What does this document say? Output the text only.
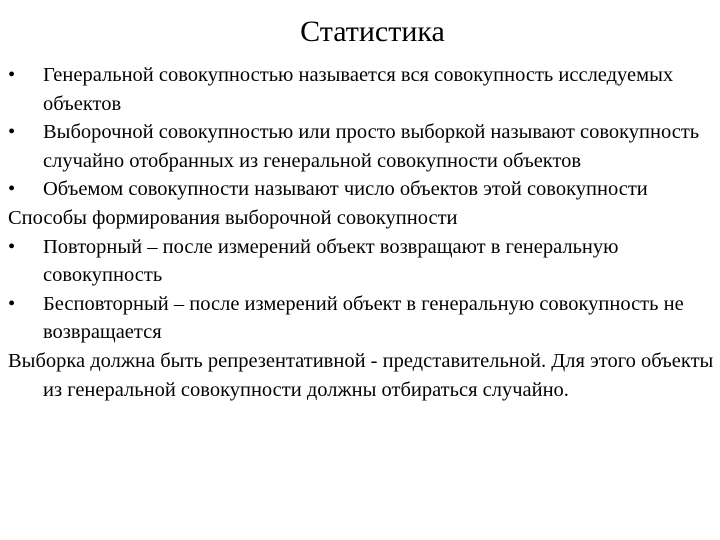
Статистика
• Генеральной совокупностью называется вся совокупность исследуемых объектов
• Выборочной совокупностью или просто выборкой называют совокупность случайно отобранных из генеральной совокупности объектов
• Объемом совокупности называют число объектов этой совокупности
Способы формирования выборочной совокупности
• Повторный – после измерений объект возвращают в генеральную совокупность
• Бесповторный – после измерений объект в генеральную совокупность не возвращается
Выборка должна быть репрезентативной - представительной. Для этого объекты из генеральной совокупности должны отбираться случайно.
